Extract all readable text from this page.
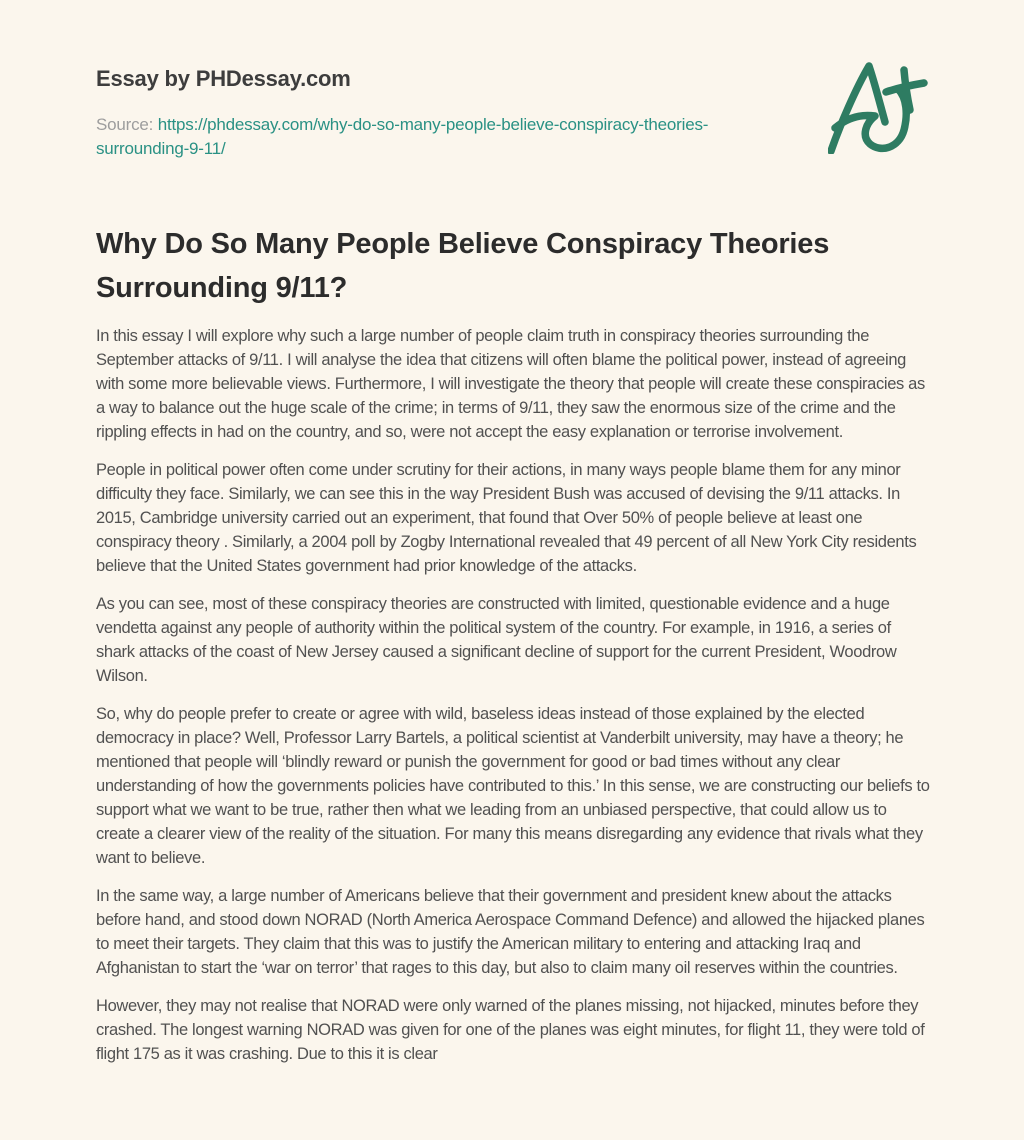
Essay by PHDessay.com

Source: https://phdessay.com/why-do-so-many-people-believe-conspiracy-theories-surrounding-9-11/

Why Do So Many People Believe Conspiracy Theories Surrounding 9/11?

In this essay I will explore why such a large number of people claim truth in conspiracy theories surrounding the September attacks of 9/11. I will analyse the idea that citizens will often blame the political power, instead of agreeing with some more believable views. Furthermore, I will investigate the theory that people will create these conspiracies as a way to balance out the huge scale of the crime; in terms of 9/11, they saw the enormous size of the crime and the rippling effects in had on the country, and so, were not accept the easy explanation or terrorise involvement.

People in political power often come under scrutiny for their actions, in many ways people blame them for any minor difficulty they face. Similarly, we can see this in the way President Bush was accused of devising the 9/11 attacks. In 2015, Cambridge university carried out an experiment, that found that Over 50% of people believe at least one conspiracy theory . Similarly, a 2004 poll by Zogby International revealed that 49 percent of all New York City residents believe that the United States government had prior knowledge of the attacks.

As you can see, most of these conspiracy theories are constructed with limited, questionable evidence and a huge vendetta against any people of authority within the political system of the country. For example, in 1916, a series of shark attacks of the coast of New Jersey caused a significant decline of support for the current President, Woodrow Wilson.

So, why do people prefer to create or agree with wild, baseless ideas instead of those explained by the elected democracy in place? Well, Professor Larry Bartels, a political scientist at Vanderbilt university, may have a theory; he mentioned that people will ‘blindly reward or punish the government for good or bad times without any clear understanding of how the governments policies have contributed to this.’ In this sense, we are constructing our beliefs to support what we want to be true, rather then what we leading from an unbiased perspective, that could allow us to create a clearer view of the reality of the situation. For many this means disregarding any evidence that rivals what they want to believe.

In the same way, a large number of Americans believe that their government and president knew about the attacks before hand, and stood down NORAD (North America Aerospace Command Defence) and allowed the hijacked planes to meet their targets. They claim that this was to justify the American military to entering and attacking Iraq and Afghanistan to start the ‘war on terror’ that rages to this day, but also to claim many oil reserves within the countries.

However, they may not realise that NORAD were only warned of the planes missing, not hijacked, minutes before they crashed. The longest warning NORAD was given for one of the planes was eight minutes, for flight 11, they were told of flight 175 as it was crashing. Due to this it is clear
